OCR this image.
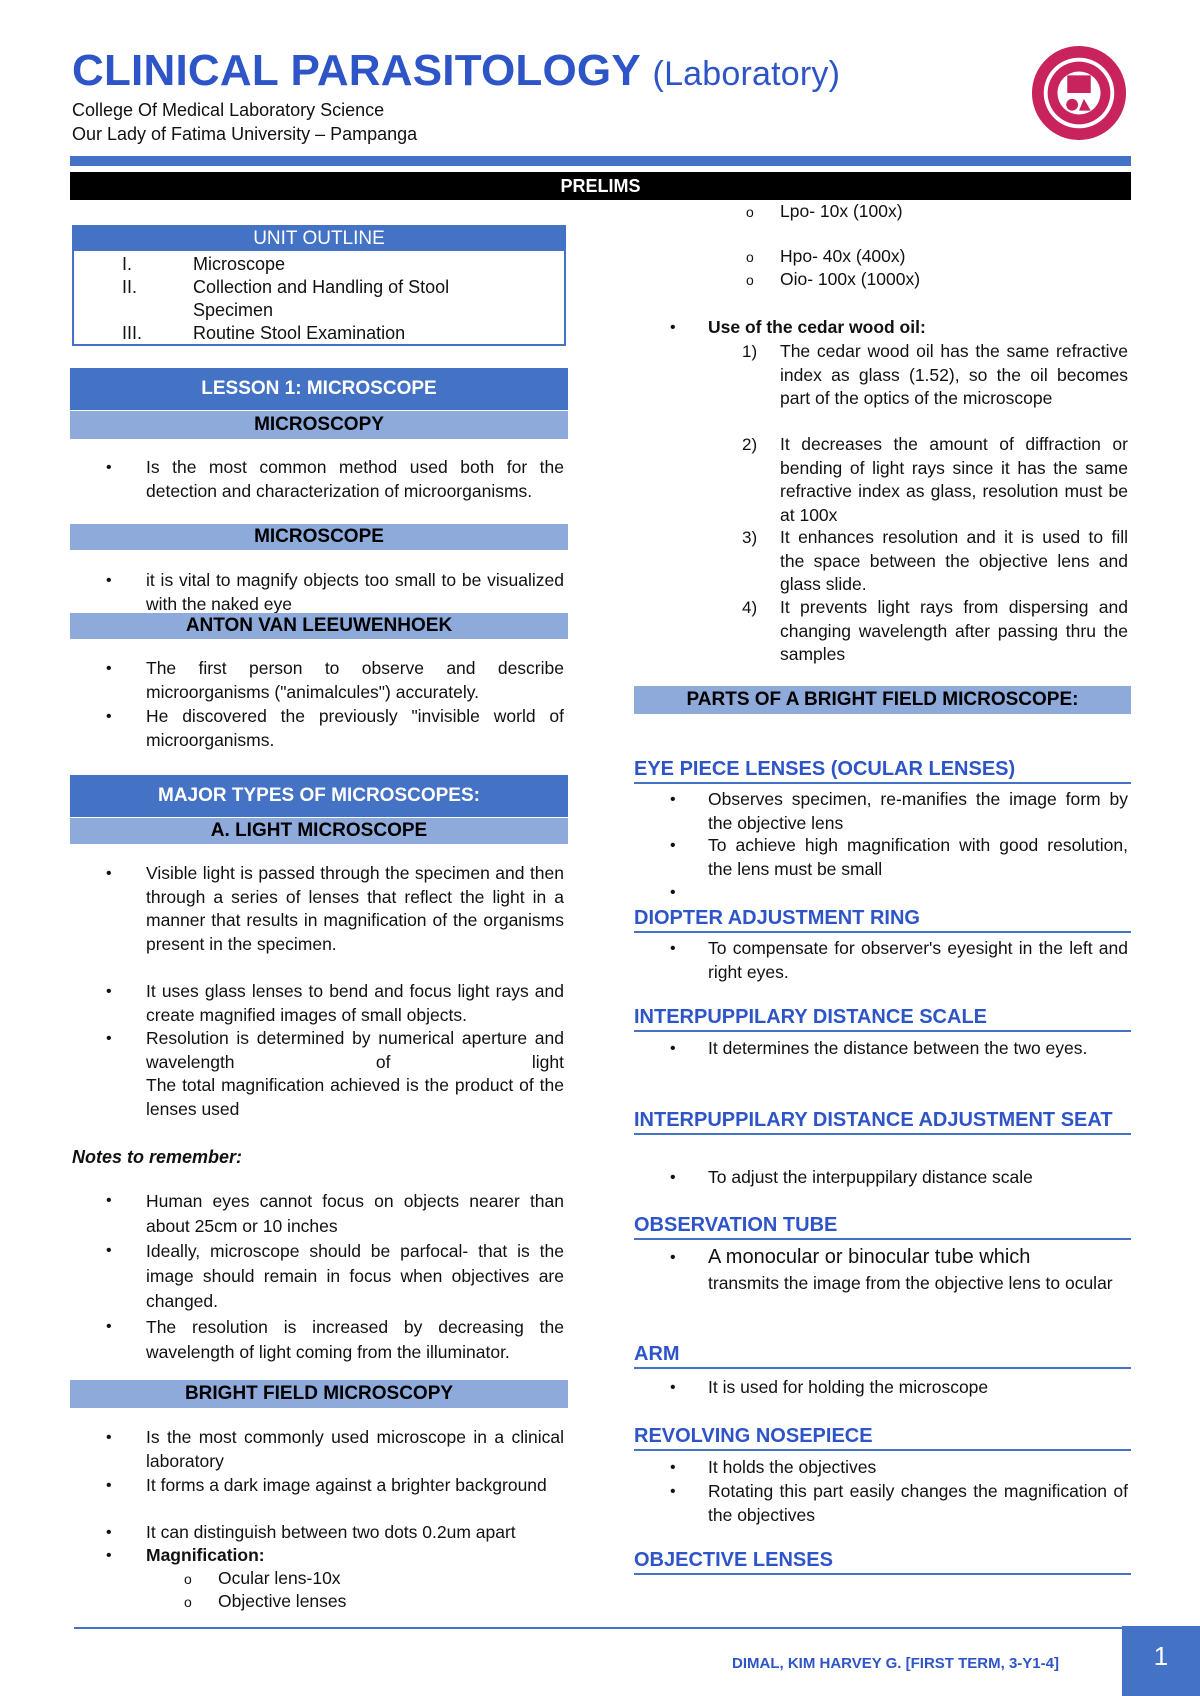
CLINICAL PARASITOLOGY (Laboratory)
College Of Medical Laboratory Science
Our Lady of Fatima University – Pampanga
PRELIMS
UNIT OUTLINE
I.	Microscope
II.	Collection and Handling of Stool Specimen
III.	Routine Stool Examination
LESSON 1: MICROSCOPE
MICROSCOPY
•
Is the most common method used both for the detection and characterization of microorganisms.
MICROSCOPE
•
it is vital to magnify objects too small to be visualized with the naked eye
ANTON VAN LEEUWENHOEK
•
The first person to observe and describe microorganisms ("animalcules") accurately.
•
He discovered the previously "invisible world of microorganisms.
MAJOR TYPES OF MICROSCOPES:
A. LIGHT MICROSCOPE
•
Visible light is passed through the specimen and then through a series of lenses that reflect the light in a manner that results in magnification of the organisms present in the specimen.
•
It uses glass lenses to bend and focus light rays and create magnified images of small objects.
•
Resolution is determined by numerical aperture and wavelength of light
The total magnification achieved is the product of the lenses used
Notes to remember:
•
Human eyes cannot focus on objects nearer than about 25cm or 10 inches
•
Ideally, microscope should be parfocal- that is the image should remain in focus when objectives are changed.
•
The resolution is increased by decreasing the wavelength of light coming from the illuminator.
BRIGHT FIELD MICROSCOPY
•
Is the most commonly used microscope in a clinical laboratory
•
It forms a dark image against a brighter background
•
It can distinguish between two dots 0.2um apart
•
Magnification:
o
Ocular lens-10x
o
Objective lenses
o
Lpo- 10x (100x)
o
Hpo- 40x (400x)
o
Oio- 100x (1000x)
•
Use of the cedar wood oil:
1) The cedar wood oil has the same refractive index as glass (1.52), so the oil becomes part of the optics of the microscope
2) It decreases the amount of diffraction or bending of light rays since it has the same refractive index as glass, resolution must be at 100x
3) It enhances resolution and it is used to fill the space between the objective lens and glass slide.
4) It prevents light rays from dispersing and changing wavelength after passing thru the samples
PARTS OF A BRIGHT FIELD MICROSCOPE:
EYE PIECE LENSES (OCULAR LENSES)
•
Observes specimen, re-manifies the image form by the objective lens
•
To achieve high magnification with good resolution, the lens must be small
•
DIOPTER ADJUSTMENT RING
•
To compensate for observer's eyesight in the left and right eyes.
INTERPUPPILARY DISTANCE SCALE
•
It determines the distance between the two eyes.
INTERPUPPILARY DISTANCE ADJUSTMENT SEAT
•
To adjust the interpuppilary distance scale
OBSERVATION TUBE
•
A monocular or binocular tube which
transmits the image from the objective lens to ocular
ARM
•
It is used for holding the microscope
REVOLVING NOSEPIECE
•
It holds the objectives
•
Rotating this part easily changes the magnification of the objectives
OBJECTIVE LENSES
DIMAL, KIM HARVEY G. [FIRST TERM, 3-Y1-4]	1
